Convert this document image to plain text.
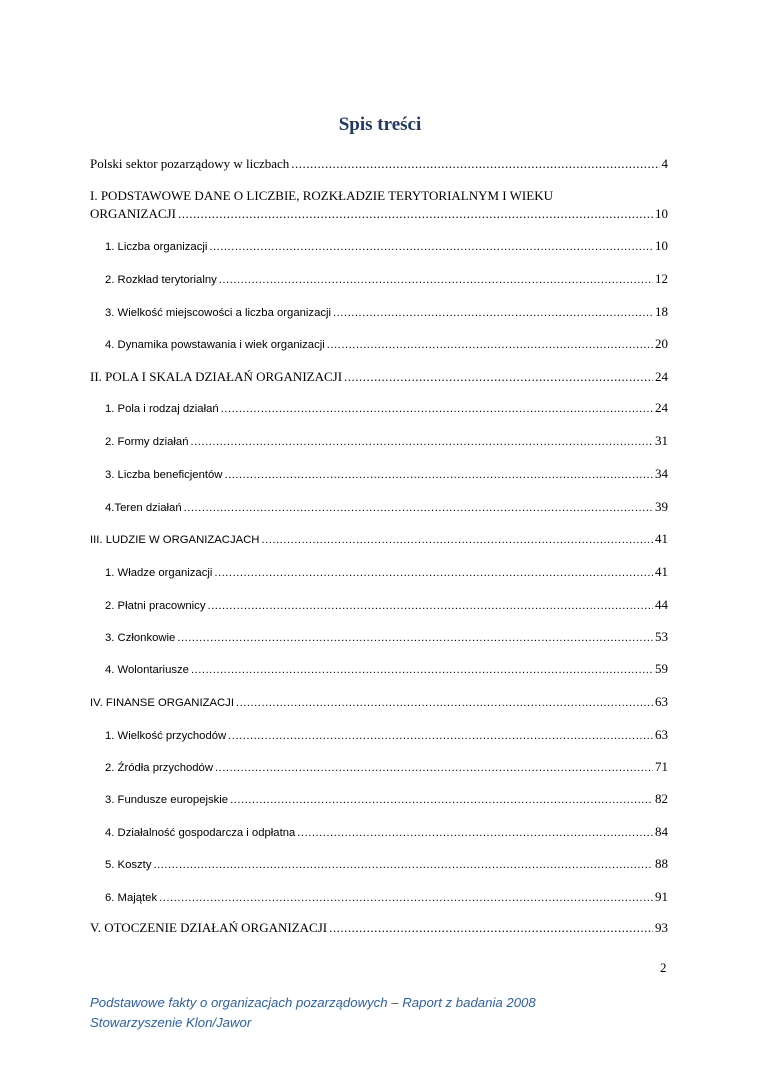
Spis treści
Polski sektor pozarządowy w liczbach .....	4
I. PODSTAWOWE DANE O LICZBIE, ROZKŁADZIE TERYTORIALNYM I WIEKU
ORGANIZACJI .....	10
1. Liczba organizacji .....	10
2. Rozkład terytorialny .....	12
3. Wielkość miejscowości a liczba organizacji .....	18
4. Dynamika powstawania i wiek organizacji .....	20
II. POLA I SKALA DZIAŁAŃ ORGANIZACJI .....	24
1. Pola i rodzaj działań .....	24
2. Formy działań .....	31
3. Liczba beneficjentów .....	34
4.Teren działań .....	39
III. LUDZIE W ORGANIZACJACH .....	41
1. Władze organizacji .....	41
2. Płatni pracownicy .....	44
3. Członkowie .....	53
4. Wolontariusze .....	59
IV. FINANSE ORGANIZACJI .....	63
1. Wielkość przychodów .....	63
2. Źródła przychodów .....	71
3. Fundusze europejskie .....	82
4. Działalność gospodarcza i odpłatna .....	84
5. Koszty .....	88
6. Majątek .....	91
V. OTOCZENIE DZIAŁAŃ ORGANIZACJI .....	93
2
Podstawowe fakty o organizacjach pozarządowych – Raport z badania 2008
Stowarzyszenie Klon/Jawor
